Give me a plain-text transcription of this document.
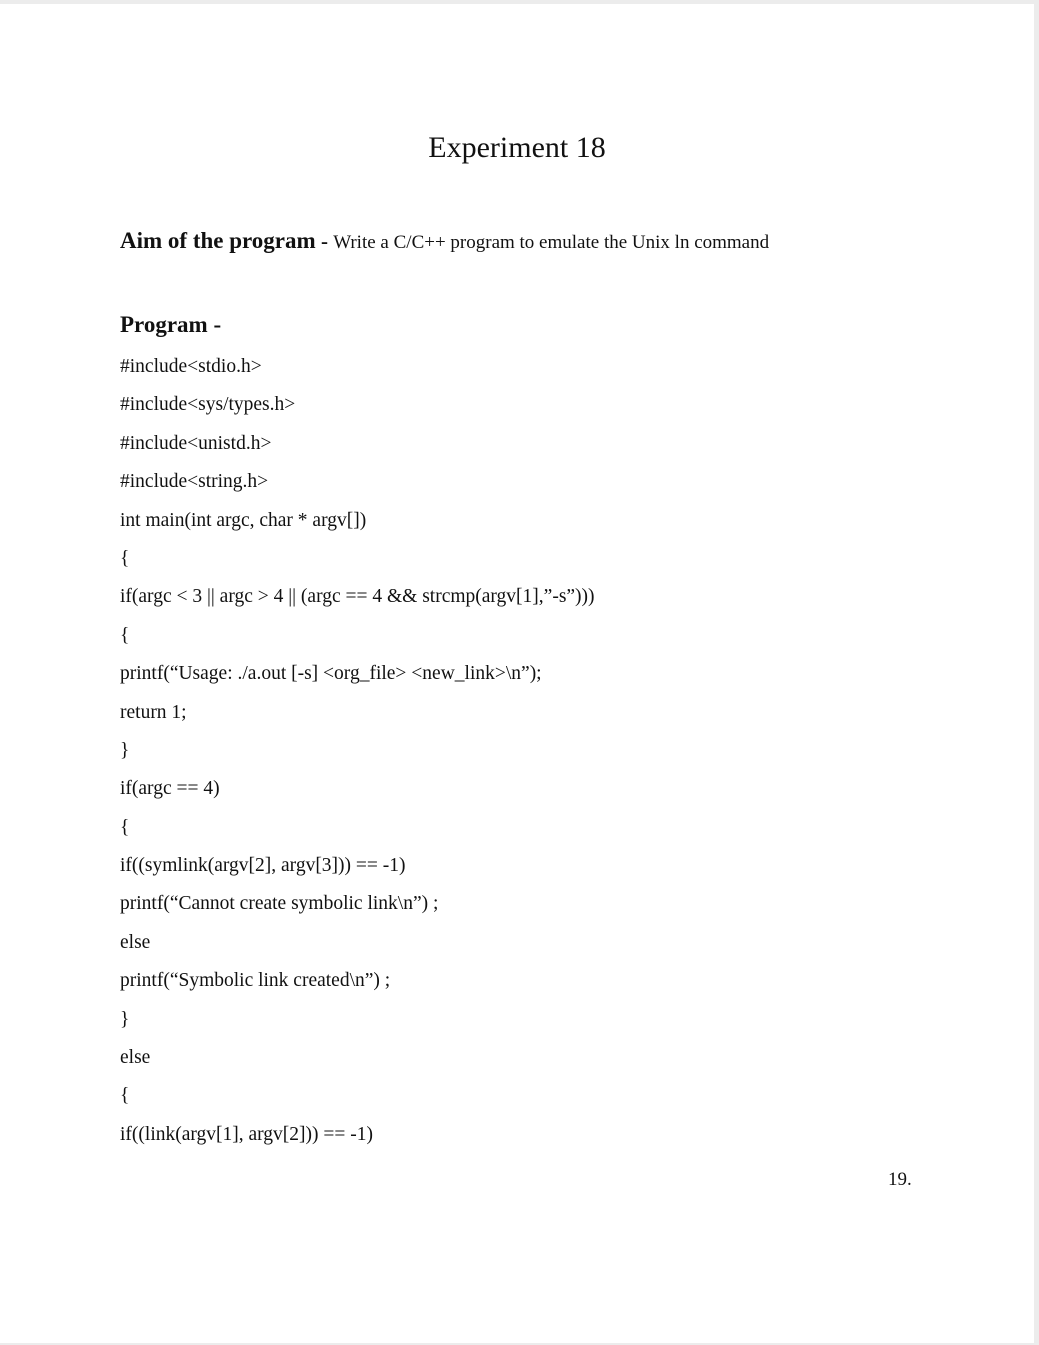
Experiment 18

Aim of the program - Write a C/C++ program to emulate the Unix ln command

Program -
#include<stdio.h>
#include<sys/types.h>
#include<unistd.h>
#include<string.h>
int main(int argc, char * argv[])
{
if(argc < 3 || argc > 4 || (argc == 4 && strcmp(argv[1],”-s”)))
{
printf(“Usage: ./a.out [-s] <org_file> <new_link>\n”);
return 1;
}
if(argc == 4)
{
if((symlink(argv[2], argv[3])) == -1)
printf(“Cannot create symbolic link\n”) ;
else
printf(“Symbolic link created\n”) ;
}
else
{
if((link(argv[1], argv[2])) == -1)
19.
